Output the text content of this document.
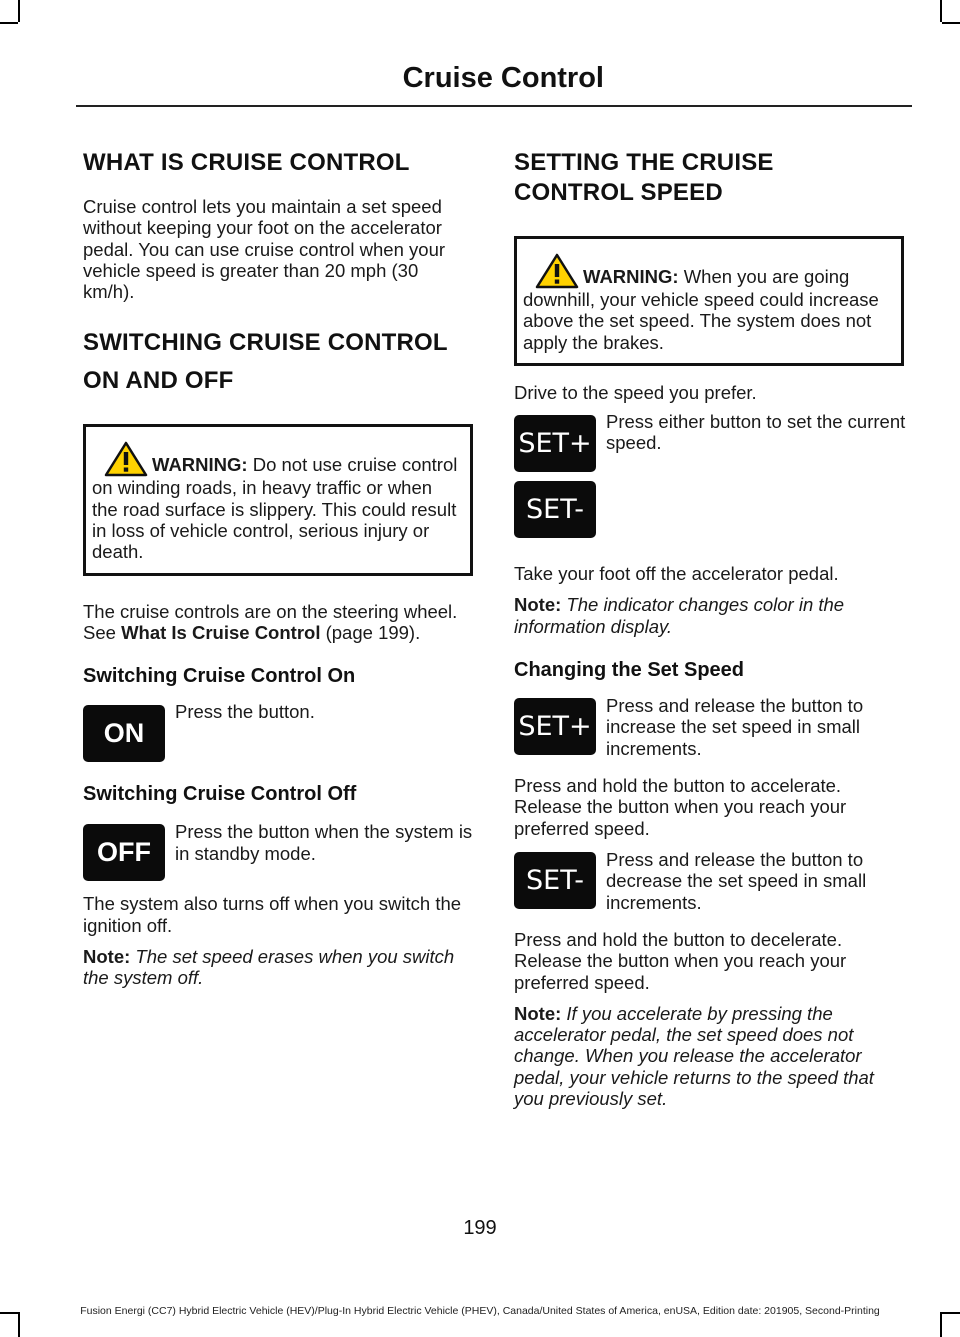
Cruise Control
WHAT IS CRUISE CONTROL

Cruise control lets you maintain a set speed without keeping your foot on the accelerator pedal. You can use cruise control when your vehicle speed is greater than 20 mph (30 km/h).

SWITCHING CRUISE CONTROL
ON AND OFF
WARNING: Do not use cruise control on winding roads, in heavy traffic or when the road surface is slippery. This could result in loss of vehicle control, serious injury or death.

The cruise controls are on the steering wheel. See What Is Cruise Control (page 199).

Switching Cruise Control On
ON
Press the button.
Switching Cruise Control Off
OFF
Press the button when the system is in standby mode.

The system also turns off when you switch the ignition off.

Note: The set speed erases when you switch the system off.

SETTING THE CRUISE
CONTROL SPEED
WARNING: When you are going downhill, your vehicle speed could increase above the set speed. The system does not apply the brakes.

Drive to the speed you prefer.

SET+
SET-
Press either button to set the current speed.

Take your foot off the accelerator pedal.

Note: The indicator changes color in the information display.

Changing the Set Speed
SET+
Press and release the button to increase the set speed in small increments.

Press and hold the button to accelerate. Release the button when you reach your preferred speed.

SET-
Press and release the button to decrease the set speed in small increments.

Press and hold the button to decelerate. Release the button when you reach your preferred speed.

Note: If you accelerate by pressing the accelerator pedal, the set speed does not change. When you release the accelerator pedal, your vehicle returns to the speed that you previously set.

199
Fusion Energi (CC7) Hybrid Electric Vehicle (HEV)/Plug-In Hybrid Electric Vehicle (PHEV), Canada/United States of America, enUSA, Edition date: 201905, Second-Printing
